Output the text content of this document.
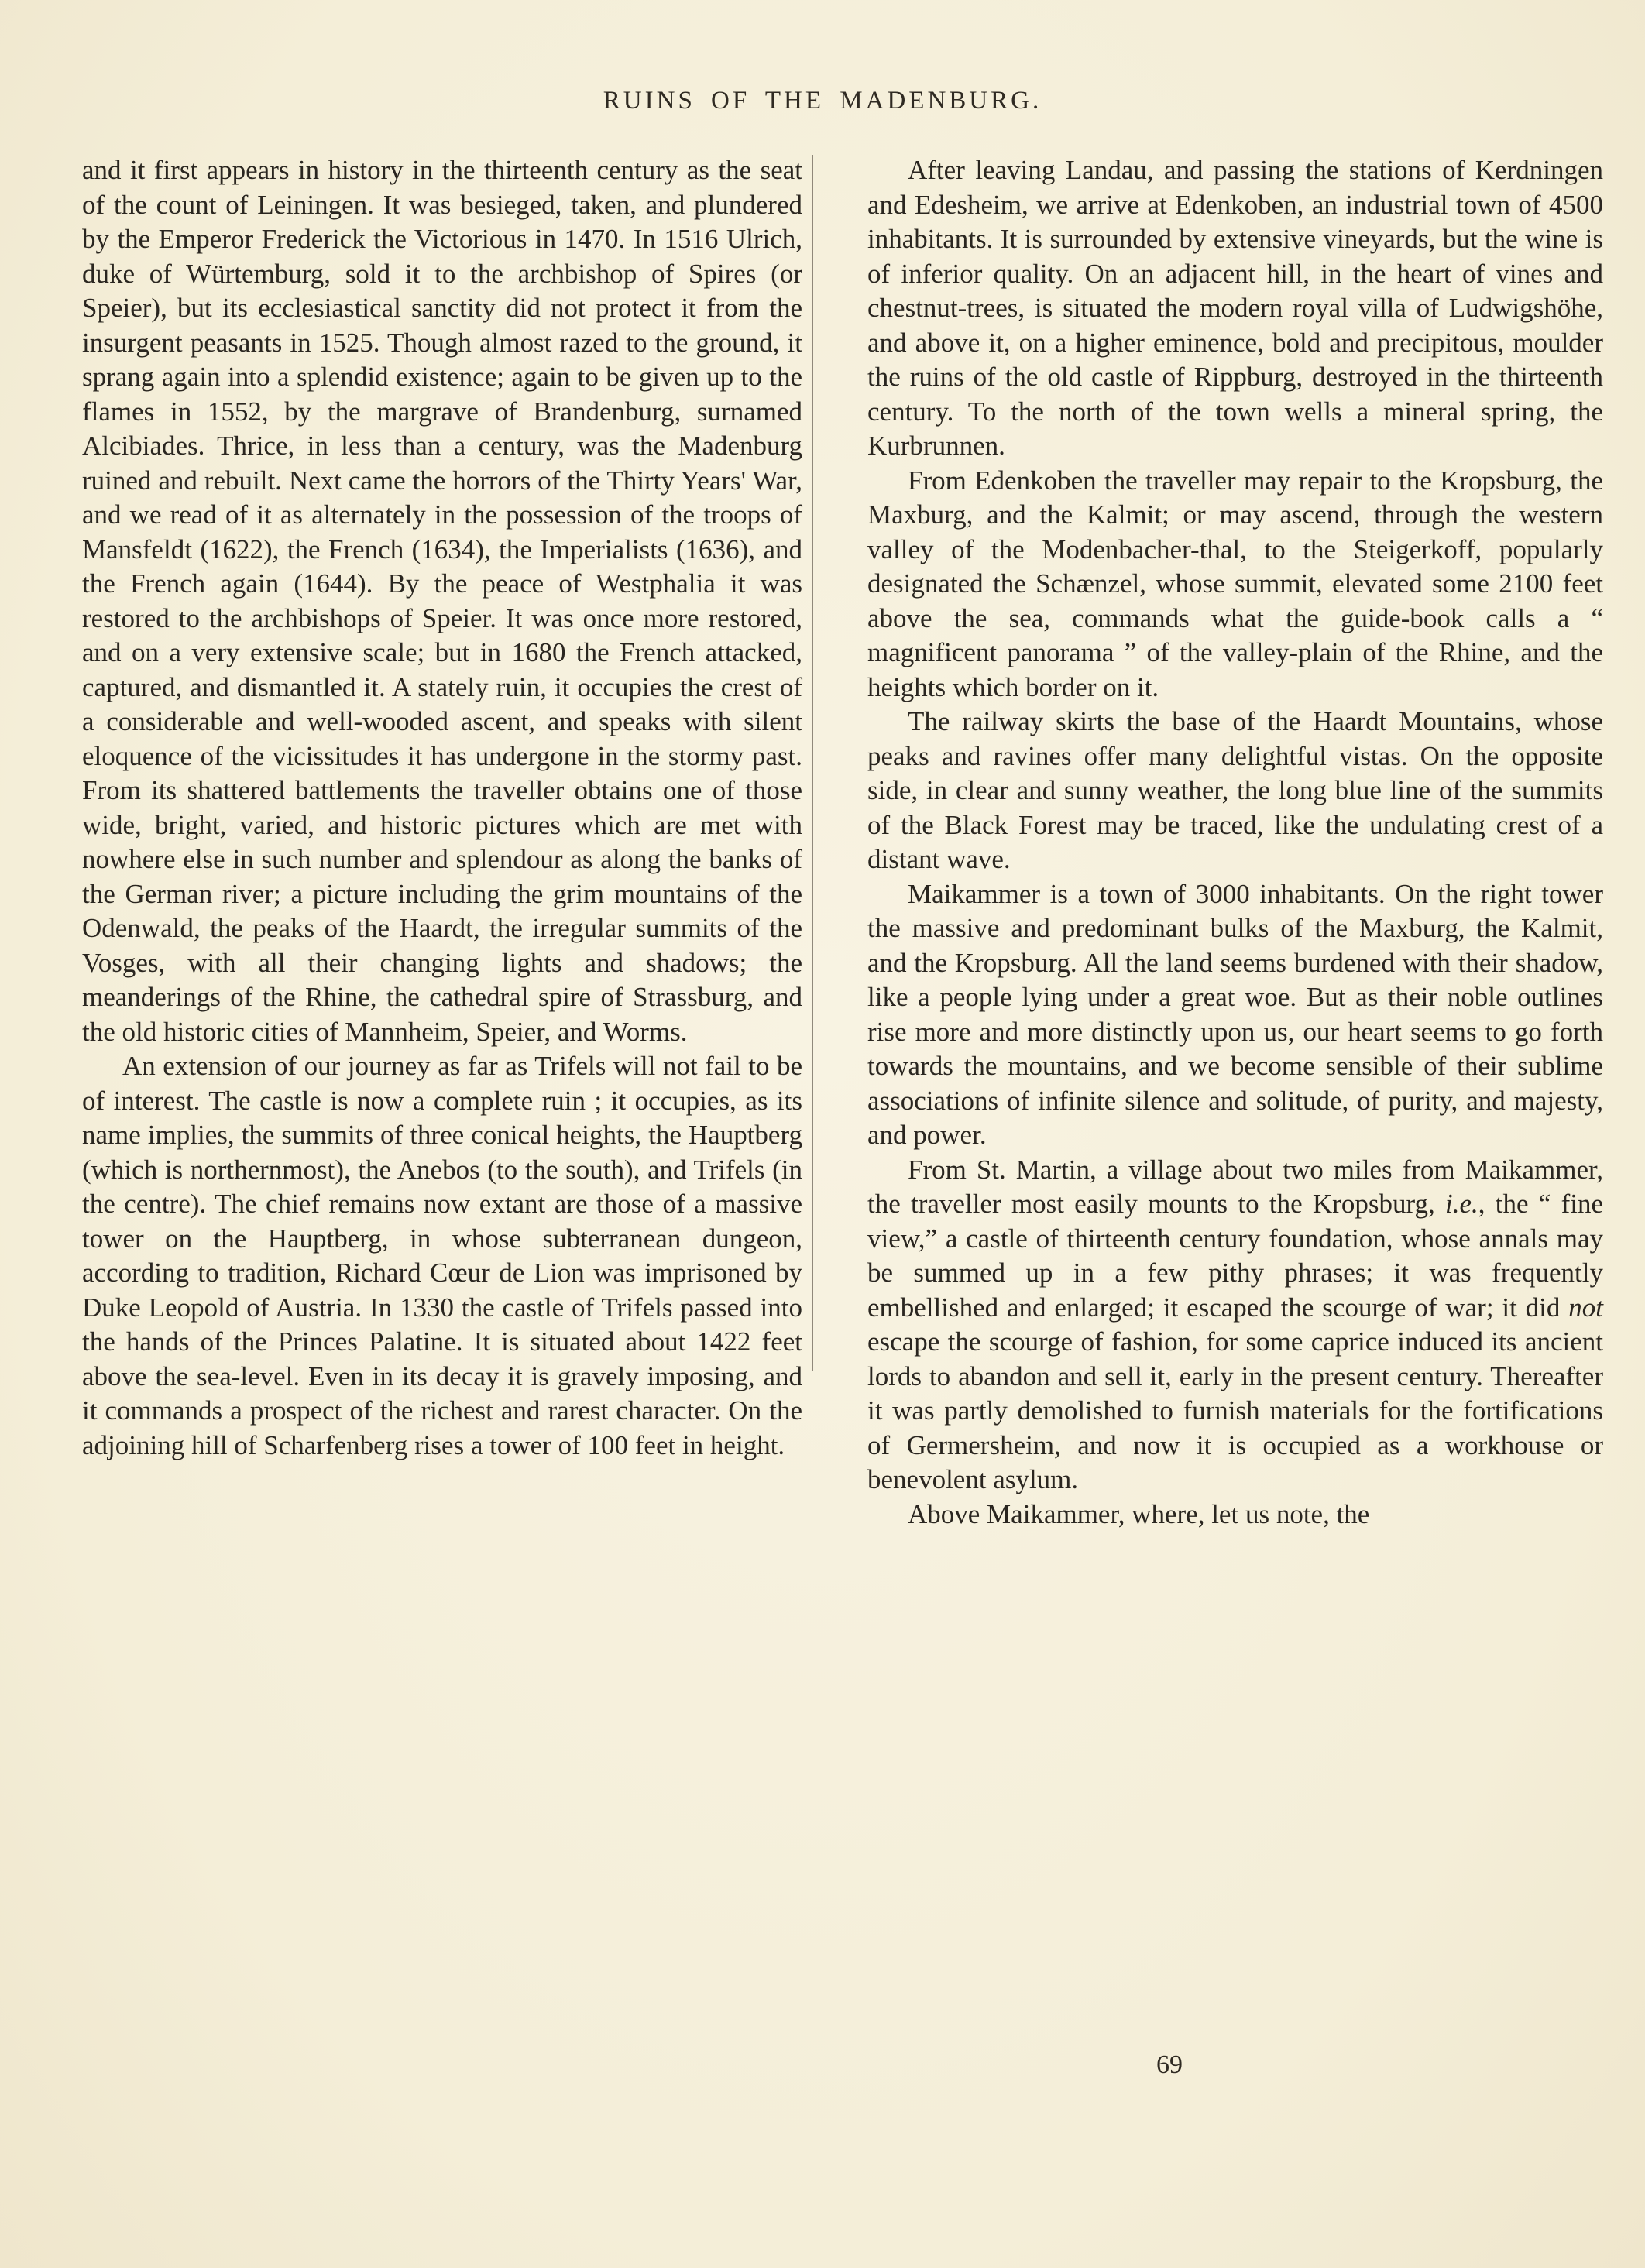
RUINS OF THE MADENBURG.

and it first appears in history in the thirteenth century as the seat of the count of Leiningen. It was besieged, taken, and plundered by the Emperor Frederick the Victorious in 1470. In 1516 Ulrich, duke of Würtemburg, sold it to the archbishop of Spires (or Speier), but its ecclesiastical sanctity did not protect it from the insurgent peasants in 1525. Though almost razed to the ground, it sprang again into a splendid existence; again to be given up to the flames in 1552, by the margrave of Brandenburg, surnamed Alcibiades. Thrice, in less than a century, was the Madenburg ruined and rebuilt. Next came the horrors of the Thirty Years' War, and we read of it as alternately in the possession of the troops of Mansfeldt (1622), the French (1634), the Imperialists (1636), and the French again (1644). By the peace of Westphalia it was restored to the archbishops of Speier. It was once more restored, and on a very extensive scale; but in 1680 the French attacked, captured, and dismantled it. A stately ruin, it occupies the crest of a considerable and well-wooded ascent, and speaks with silent eloquence of the vicissitudes it has undergone in the stormy past. From its shattered battlements the traveller obtains one of those wide, bright, varied, and historic pictures which are met with nowhere else in such number and splendour as along the banks of the German river; a picture including the grim mountains of the Odenwald, the peaks of the Haardt, the irregular summits of the Vosges, with all their changing lights and shadows; the meanderings of the Rhine, the cathedral spire of Strassburg, and the old historic cities of Mannheim, Speier, and Worms.

An extension of our journey as far as Trifels will not fail to be of interest. The castle is now a complete ruin ; it occupies, as its name implies, the summits of three conical heights, the Hauptberg (which is northernmost), the Anebos (to the south), and Trifels (in the centre). The chief remains now extant are those of a massive tower on the Hauptberg, in whose subterranean dungeon, according to tradition, Richard Cœur de Lion was imprisoned by Duke Leopold of Austria. In 1330 the castle of Trifels passed into the hands of the Princes Palatine. It is situated about 1422 feet above the sea-level. Even in its decay it is gravely imposing, and it commands a prospect of the richest and rarest character. On the adjoining hill of Scharfenberg rises a tower of 100 feet in height.

After leaving Landau, and passing the stations of Kerdningen and Edesheim, we arrive at Edenkoben, an industrial town of 4500 inhabitants. It is surrounded by extensive vineyards, but the wine is of inferior quality. On an adjacent hill, in the heart of vines and chestnut-trees, is situated the modern royal villa of Ludwigshöhe, and above it, on a higher eminence, bold and precipitous, moulder the ruins of the old castle of Rippburg, destroyed in the thirteenth century. To the north of the town wells a mineral spring, the Kurbrunnen.

From Edenkoben the traveller may repair to the Kropsburg, the Maxburg, and the Kalmit; or may ascend, through the western valley of the Modenbacher-thal, to the Steigerkoff, popularly designated the Schænzel, whose summit, elevated some 2100 feet above the sea, commands what the guide-book calls a “ magnificent panorama ” of the valley-plain of the Rhine, and the heights which border on it.

The railway skirts the base of the Haardt Mountains, whose peaks and ravines offer many delightful vistas. On the opposite side, in clear and sunny weather, the long blue line of the summits of the Black Forest may be traced, like the undulating crest of a distant wave.

Maikammer is a town of 3000 inhabitants. On the right tower the massive and predominant bulks of the Maxburg, the Kalmit, and the Kropsburg. All the land seems burdened with their shadow, like a people lying under a great woe. But as their noble outlines rise more and more distinctly upon us, our heart seems to go forth towards the mountains, and we become sensible of their sublime associations of infinite silence and solitude, of purity, and majesty, and power.

From St. Martin, a village about two miles from Maikammer, the traveller most easily mounts to the Kropsburg, i.e., the “ fine view,” a castle of thirteenth century foundation, whose annals may be summed up in a few pithy phrases; it was frequently embellished and enlarged; it escaped the scourge of war; it did not escape the scourge of fashion, for some caprice induced its ancient lords to abandon and sell it, early in the present century. Thereafter it was partly demolished to furnish materials for the fortifications of Germersheim, and now it is occupied as a workhouse or benevolent asylum.

Above Maikammer, where, let us note, the

69
